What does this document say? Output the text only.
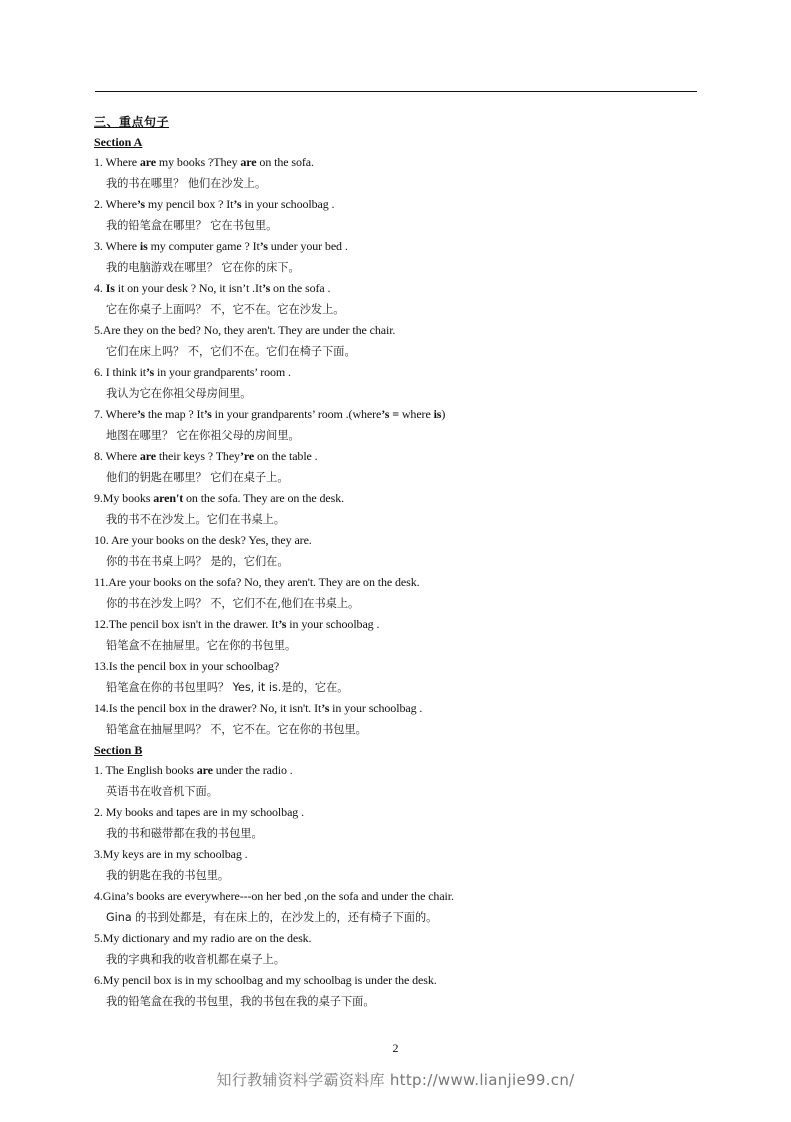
三、重点句子
Section A
1. Where are my books ?They are on the sofa.
我的书在哪里？ 他们在沙发上。
2. Where’s my pencil box ? It’s in your schoolbag .
我的铅笔盒在哪里？ 它在书包里。
3. Where is my computer game ? It’s under your bed .
我的电脑游戏在哪里？ 它在你的床下。
4. Is it on your desk ? No, it isn’t .It’s on the sofa .
它在你桌子上面吗？ 不，它不在。它在沙发上。
5.Are they on the bed? No, they aren't. They are under the chair.
它们在床上吗？ 不，它们不在。它们在椅子下面。
6. I think it’s in your grandparents’ room .
我认为它在你祖父母房间里。
7. Where’s the map ? It’s in your grandparents’ room .(where’s = where is)
地图在哪里？ 它在你祖父母的房间里。
8. Where are their keys ? They’re on the table .
他们的钥匙在哪里？ 它们在桌子上。
9.My books aren't on the sofa. They are on the desk.
我的书不在沙发上。它们在书桌上。
10. Are your books on the desk? Yes, they are.
你的书在书桌上吗？ 是的，它们在。
11.Are your books on the sofa? No, they aren't. They are on the desk.
你的书在沙发上吗？ 不，它们不在,他们在书桌上。
12.The pencil box isn't in the drawer. It’s in your schoolbag .
铅笔盒不在抽屉里。它在你的书包里。
13.Is the pencil box in your schoolbag?
铅笔盒在你的书包里吗？ Yes, it is.是的，它在。
14.Is the pencil box in the drawer? No, it isn't. It’s in your schoolbag .
铅笔盒在抽屉里吗？ 不，它不在。它在你的书包里。
Section B
1. The English books are under the radio .
英语书在收音机下面。
2. My books and tapes are in my schoolbag .
我的书和磁带都在我的书包里。
3.My keys are in my schoolbag .
我的钥匙在我的书包里。
4.Gina’s books are everywhere---on her bed ,on the sofa and under the chair.
Gina 的书到处都是，有在床上的，在沙发上的，还有椅子下面的。
5.My dictionary and my radio are on the desk.
我的字典和我的收音机都在桌子上。
6.My pencil box is in my schoolbag and my schoolbag is under the desk.
我的铅笔盒在我的书包里，我的书包在我的桌子下面。
2
知行教辅资料学霸资料库 http://www.lianjie99.cn/
